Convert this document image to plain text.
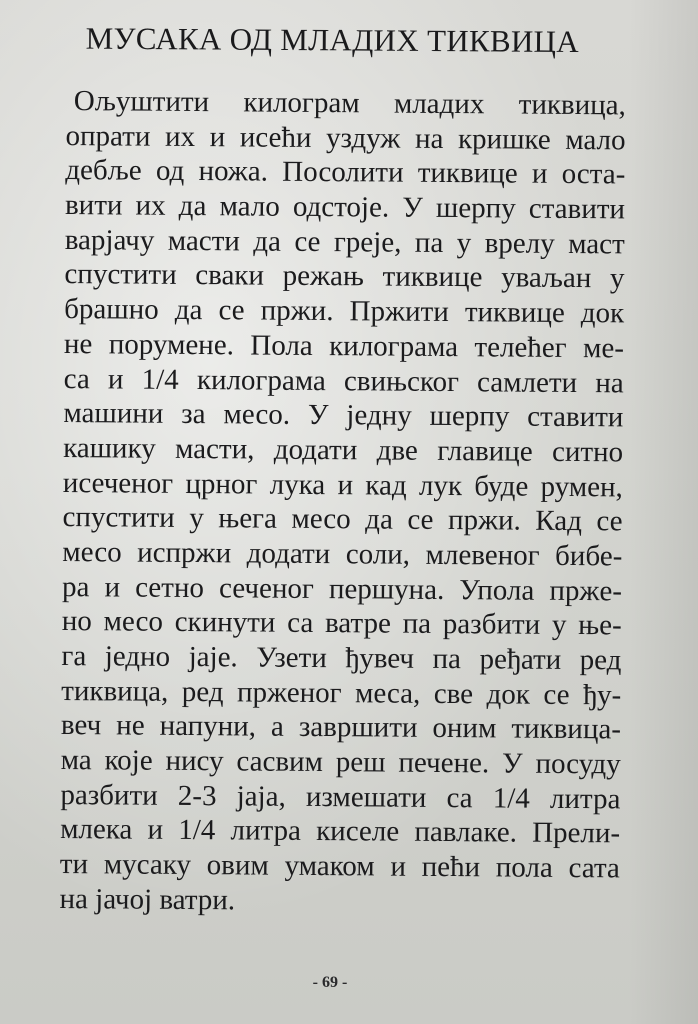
МУСАКА ОД МЛАДИХ ТИКВИЦА
Ољуштити килограм младих тиквица,
опрати их и исећи уздуж на кришке мало
дебље од ножа. Посолити тиквице и оста-
вити их да мало одстоје. У шерпу ставити
варјачу масти да се греје, па у врелу маст
спустити сваки режањ тиквице уваљан у
брашно да се пржи. Пржити тиквице док
не порумене. Пола килограма телећег ме-
са и 1/4 килограма свињског самлети на
машини за месо. У једну шерпу ставити
кашику масти, додати две главице ситно
исеченог црног лука и кад лук буде румен,
спустити у њега месо да се пржи. Кад се
месо испржи додати соли, млевеног бибе-
ра и сетно сеченог першуна. Упола пржe-
но месо скинути са ватре па разбити у ње-
га једно јаје. Узети ђувеч па ређати ред
тиквица, ред прженог меса, све док се ђу-
веч не напуни, а завршити оним тиквица-
ма које нису сасвим реш печене. У посуду
разбити 2-3 јаја, измешати са 1/4 литра
млека и 1/4 литра киселе павлаке. Прели-
ти мусаку овим умаком и пећи пола сата
на јачој ватри.
- 69 -
